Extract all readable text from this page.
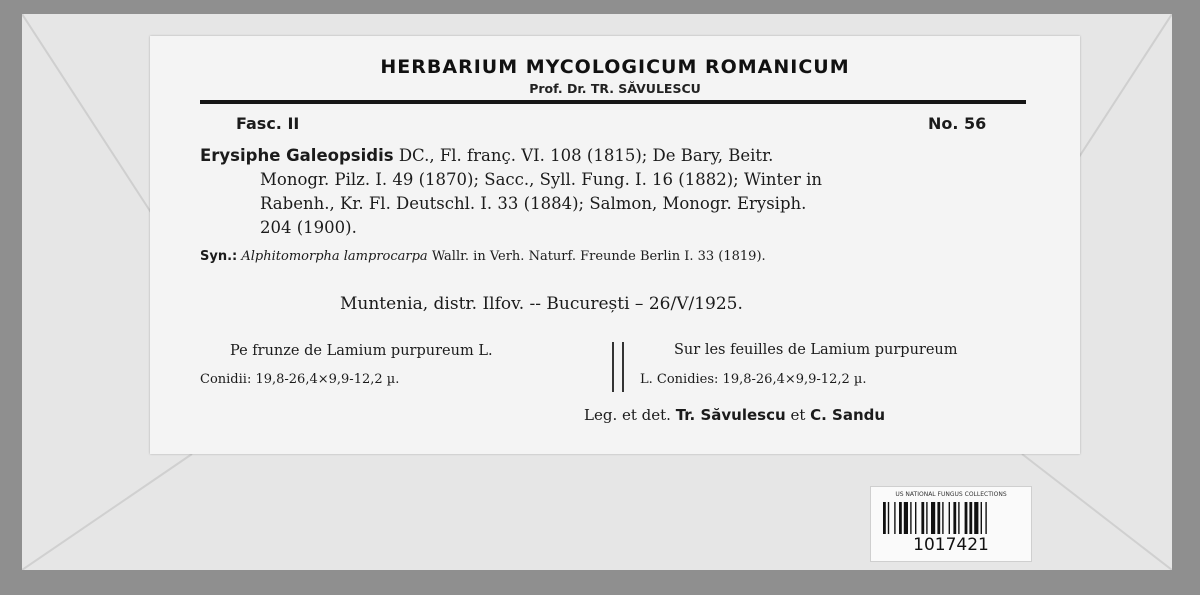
HERBARIUM MYCOLOGICUM ROMANICUM
Prof. Dr. TR. SĂVULESCU
Fasc. II	No. 56
Erysiphe Galeopsidis DC., Fl. franç. VI. 108 (1815); De Bary, Beitr.
Monogr. Pilz. I. 49 (1870); Sacc., Syll. Fung. I. 16 (1882); Winter in
Rabenh., Kr. Fl. Deutschl. I. 33 (1884); Salmon, Monogr. Erysiph.
204 (1900).
Syn.: Alphitomorpha lamprocarpa Wallr. in Verh. Naturf. Freunde Berlin I. 33 (1819).
Muntenia, distr. Ilfov. -- București – 26/V/1925.
Pe frunze de Lamium purpureum L.
Conidii: 19,8-26,4×9,9-12,2 µ.
Sur les feuilles de Lamium purpureum
L. Conidies: 19,8-26,4×9,9-12,2 µ.
Leg. et det. Tr. Săvulescu et C. Sandu
US NATIONAL FUNGUS COLLECTIONS
1017421
